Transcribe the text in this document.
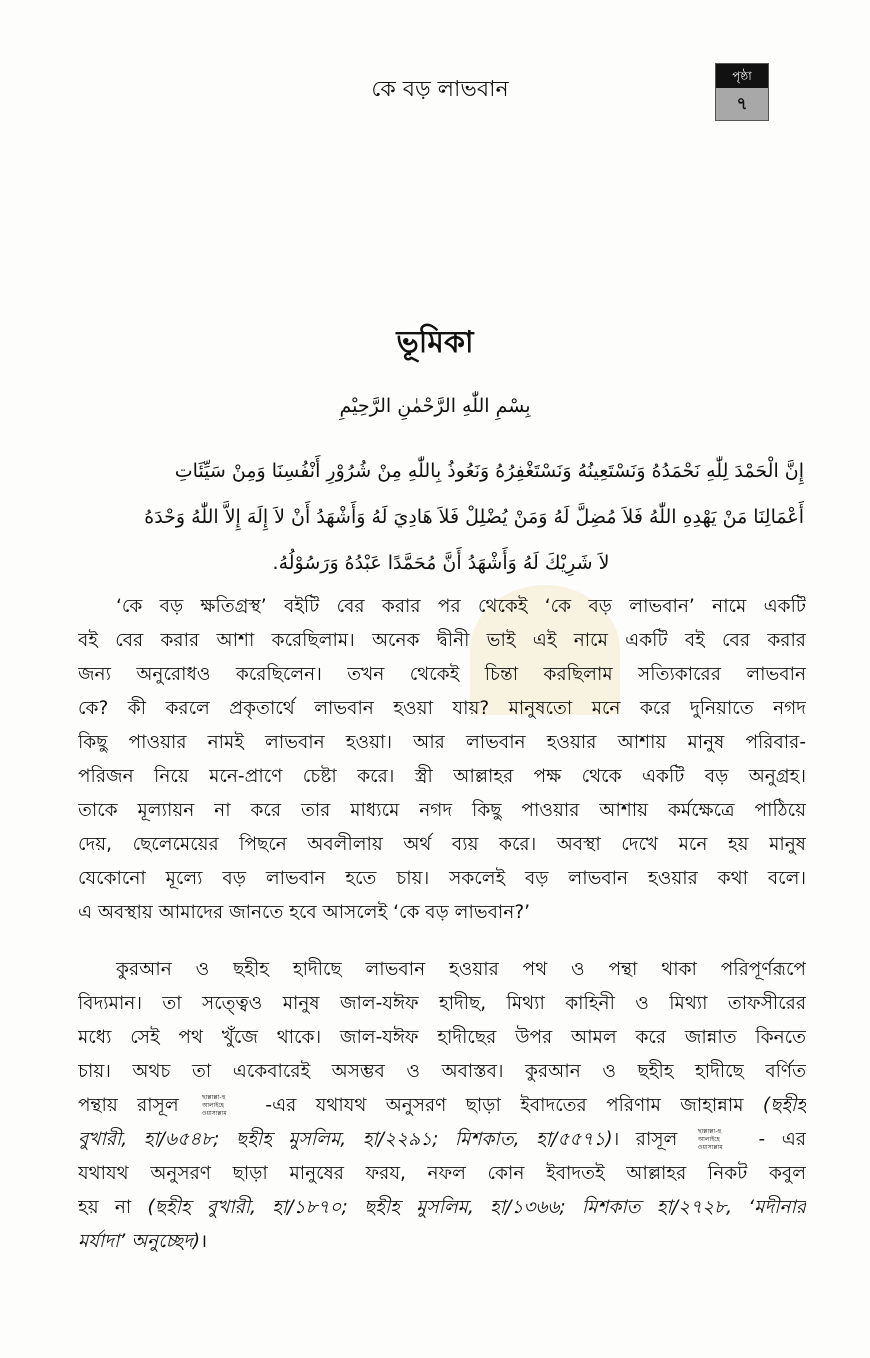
কে বড় লাভবান
পৃষ্ঠা
৭
ভূমিকা
بِسْمِ اللّٰهِ الرَّحْمٰنِ الرَّحِيْمِ
إِنَّ الْحَمْدَ لِلّٰهِ نَحْمَدُهُ وَنَسْتَعِينُهُ وَنَسْتَغْفِرُهُ وَنَعُوذُ بِاللّٰهِ مِنْ شُرُوْرِ أَنْفُسِنَا وَمِنْ سَيِّئَاتِ
أَعْمَالِنَا مَنْ يَهْدِهِ اللّٰهُ فَلاَ مُضِلَّ لَهُ وَمَنْ يُضْلِلْ فَلاَ هَادِيَ لَهُ وَأَشْهَدُ أَنْ لاَ إِلَهَ إِلاَّ اللّٰهُ وَحْدَهُ
لاَ شَرِيْكَ لَهُ وَأَشْهَدُ أَنَّ مُحَمَّدًا عَبْدُهُ وَرَسُوْلُهُ.
‘কে বড় ক্ষতিগ্রস্থ’ বইটি বের করার পর থেকেই ‘কে বড় লাভবান’ নামে একটি
বই বের করার আশা করেছিলাম। অনেক দ্বীনী ভাই এই নামে একটি বই বের করার
জন্য অনুরোধও করেছিলেন। তখন থেকেই চিন্তা করছিলাম সত্যিকারের লাভবান
কে? কী করলে প্রকৃতার্থে লাভবান হওয়া যায়? মানুষতো মনে করে দুনিয়াতে নগদ
কিছু পাওয়ার নামই লাভবান হওয়া। আর লাভবান হওয়ার আশায় মানুষ পরিবার-
পরিজন নিয়ে মনে-প্রাণে চেষ্টা করে। স্ত্রী আল্লাহর পক্ষ থেকে একটি বড় অনুগ্রহ।
তাকে মূল্যায়ন না করে তার মাধ্যমে নগদ কিছু পাওয়ার আশায় কর্মক্ষেত্রে পাঠিয়ে
দেয়, ছেলেমেয়ের পিছনে অবলীলায় অর্থ ব্যয় করে। অবস্থা দেখে মনে হয় মানুষ
যেকোনো মূল্যে বড় লাভবান হতে চায়। সকলেই বড় লাভবান হওয়ার কথা বলে।
এ অবস্থায় আমাদের জানতে হবে আসলেই ‘কে বড় লাভবান?’
কুরআন ও ছহীহ হাদীছে লাভবান হওয়ার পথ ও পন্থা থাকা পরিপূর্ণরূপে
বিদ্যমান। তা সত্ত্বেও মানুষ জাল-যঈফ হাদীছ, মিথ্যা কাহিনী ও মিথ্যা তাফসীরের
মধ্যে সেই পথ খুঁজে থাকে। জাল-যঈফ হাদীছের উপর আমল করে জান্নাত কিনতে
চায়। অথচ তা একেবারেই অসম্ভব ও অবাস্তব। কুরআন ও ছহীহ হাদীছে বর্ণিত
পন্থায় রাসূল	ছাল্লাল্লা-হু
আলাইহে
ওয়াসাল্লাম -এর যথাযথ অনুসরণ ছাড়া ইবাদতের পরিণাম জাহান্নাম (ছহীহ
বুখারী, হা/৬৫৪৮; ছহীহ মুসলিম, হা/২২৯১; মিশকাত, হা/৫৫৭১)। রাসূল	ছাল্লাল্লা-হু
আলাইহে
ওয়াসাল্লাম - এর
যথাযথ অনুসরণ ছাড়া মানুষের ফরয, নফল কোন ইবাদতই আল্লাহর নিকট কবুল
হয় না (ছহীহ বুখারী, হা/১৮৭০; ছহীহ মুসলিম, হা/১৩৬৬; মিশকাত হা/২৭২৮, ‘মদীনার
মর্যাদা’ অনুচ্ছেদ)।
